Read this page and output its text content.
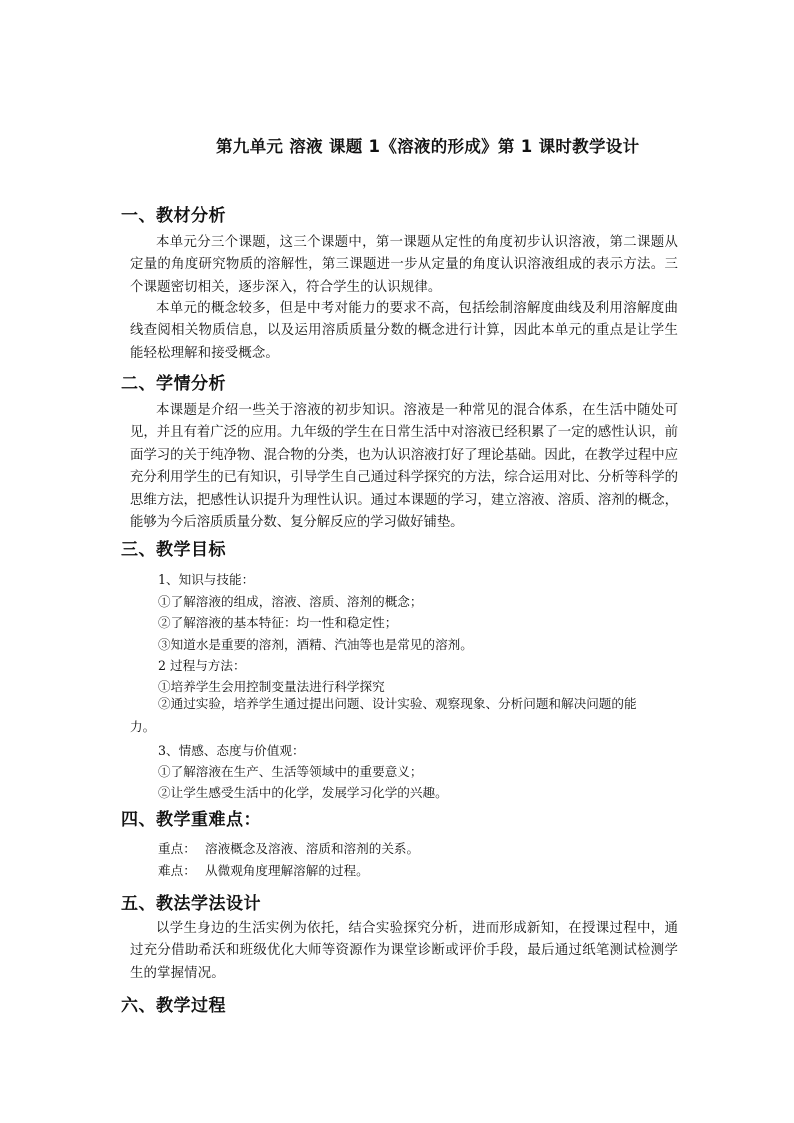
第九单元 溶液 课题 1《溶液的形成》第 1 课时教学设计
一、教材分析

本单元分三个课题，这三个课题中，第一课题从定性的角度初步认识溶液，第二课题从定量的角度研究物质的溶解性，第三课题进一步从定量的角度认识溶液组成的表示方法。三个课题密切相关，逐步深入，符合学生的认识规律。

本单元的概念较多，但是中考对能力的要求不高，包括绘制溶解度曲线及利用溶解度曲线查阅相关物质信息，以及运用溶质质量分数的概念进行计算，因此本单元的重点是让学生能轻松理解和接受概念。

二、学情分析

本课题是介绍一些关于溶液的初步知识。溶液是一种常见的混合体系，在生活中随处可见，并且有着广泛的应用。九年级的学生在日常生活中对溶液已经积累了一定的感性认识，前面学习的关于纯净物、混合物的分类，也为认识溶液打好了理论基础。因此，在教学过程中应充分利用学生的已有知识，引导学生自己通过科学探究的方法，综合运用对比、分析等科学的思维方法，把感性认识提升为理性认识。通过本课题的学习，建立溶液、溶质、溶剂的概念，能够为今后溶质质量分数、复分解反应的学习做好铺垫。

三、教学目标

1、知识与技能：

①了解溶液的组成，溶液、溶质、溶剂的概念；

②了解溶液的基本特征：均一性和稳定性；

③知道水是重要的溶剂，酒精、汽油等也是常见的溶剂。

2 过程与方法：

①培养学生会用控制变量法进行科学探究

②通过实验，培养学生通过提出问题、设计实验、观察现象、分析问题和解决问题的能力。

3、情感、态度与价值观：

①了解溶液在生产、生活等领域中的重要意义；

②让学生感受生活中的化学，发展学习化学的兴趣。

四、教学重难点：

重点： 溶液概念及溶液、溶质和溶剂的关系。

难点： 从微观角度理解溶解的过程。

五、教法学法设计

以学生身边的生活实例为依托，结合实验探究分析，进而形成新知，在授课过程中，通过充分借助希沃和班级优化大师等资源作为课堂诊断或评价手段，最后通过纸笔测试检测学生的掌握情况。

六、教学过程
